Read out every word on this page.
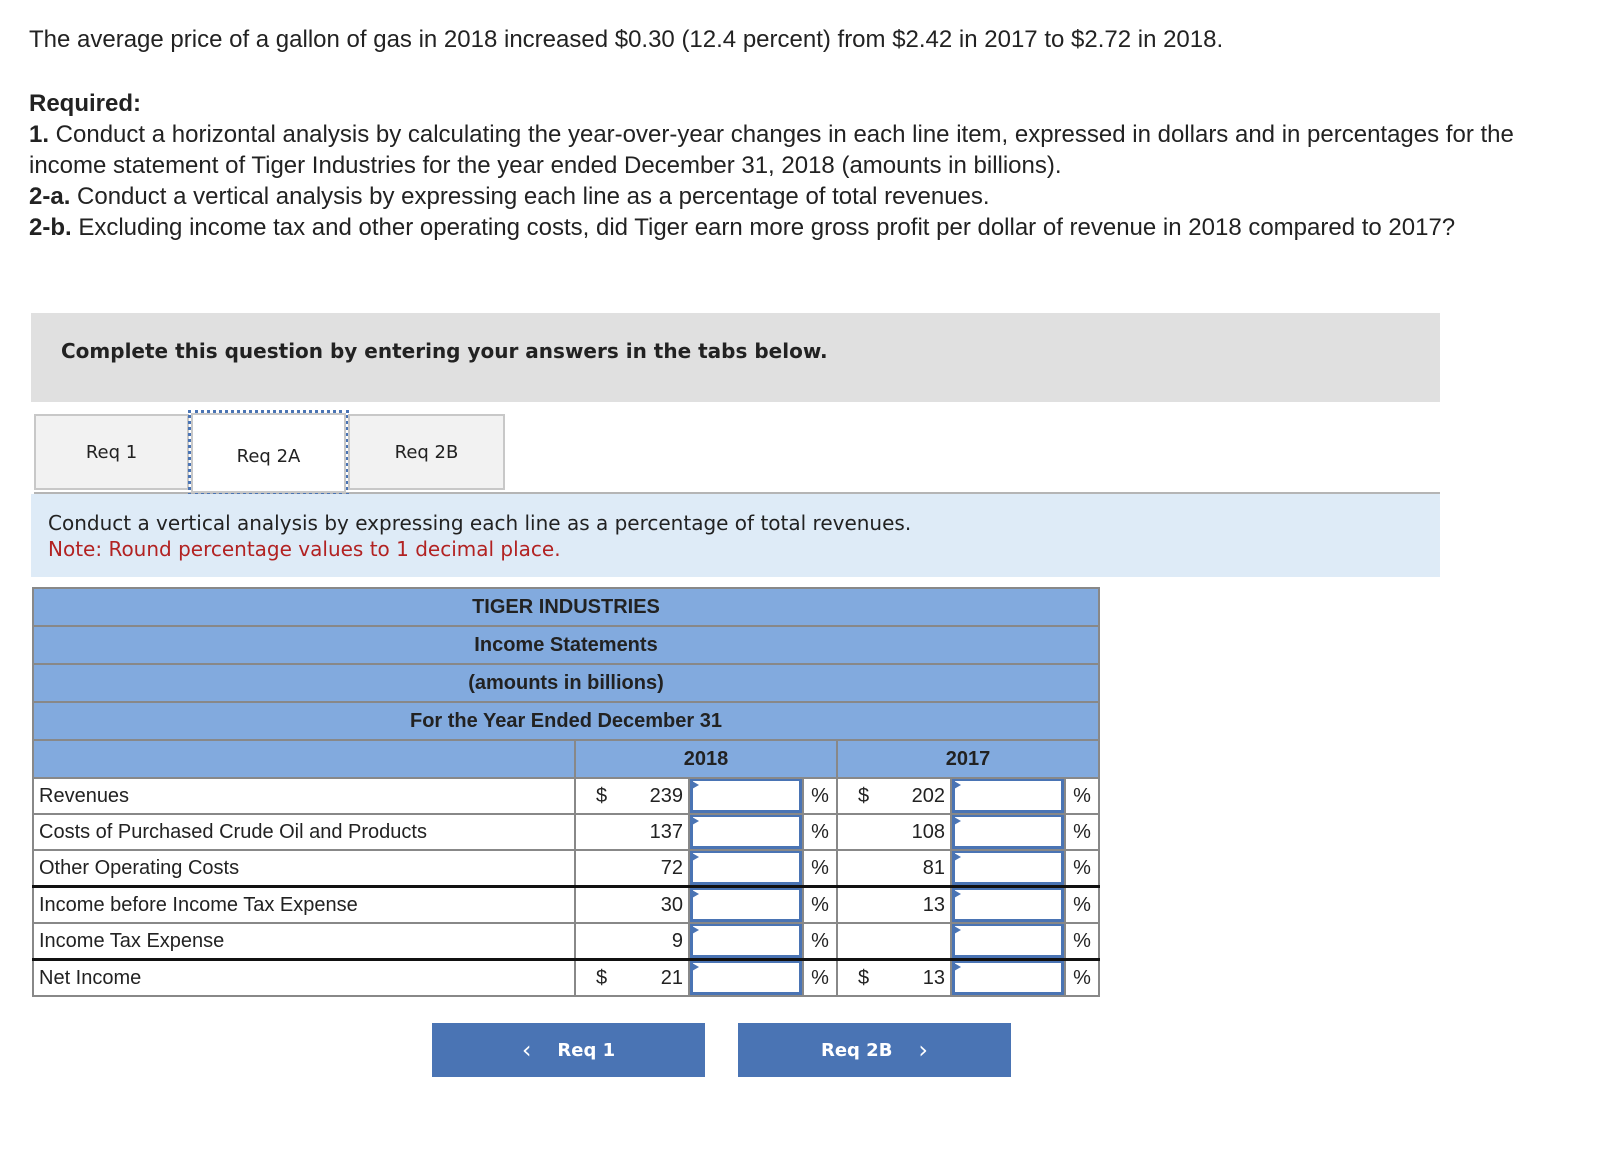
The average price of a gallon of gas in 2018 increased $0.30 (12.4 percent) from $2.42 in 2017 to $2.72 in 2018.

Required:

1. Conduct a horizontal analysis by calculating the year-over-year changes in each line item, expressed in dollars and in percentages for the income statement of Tiger Industries for the year ended December 31, 2018 (amounts in billions).

2-a. Conduct a vertical analysis by expressing each line as a percentage of total revenues.

2-b. Excluding income tax and other operating costs, did Tiger earn more gross profit per dollar of revenue in 2018 compared to 2017?

Complete this question by entering your answers in the tabs below.
Req 1	Req 2A	Req 2B
Conduct a vertical analysis by expressing each line as a percentage of total revenues.
Note: Round percentage values to 1 decimal place.
TIGER INDUSTRIES						
Income Statements						
(amounts in billions)						
For the Year Ended December 31						
	2018			2017		
Revenues	$ 239		%	$ 202		%
Costs of Purchased Crude Oil and Products	137		%	108		%
Other Operating Costs	72		%	81		%
Income before Income Tax Expense	30		%	13		%
Income Tax Expense	9		%			%
Net Income	$ 21		%	$ 13		%
‹ Req 1	Req 2B ›
